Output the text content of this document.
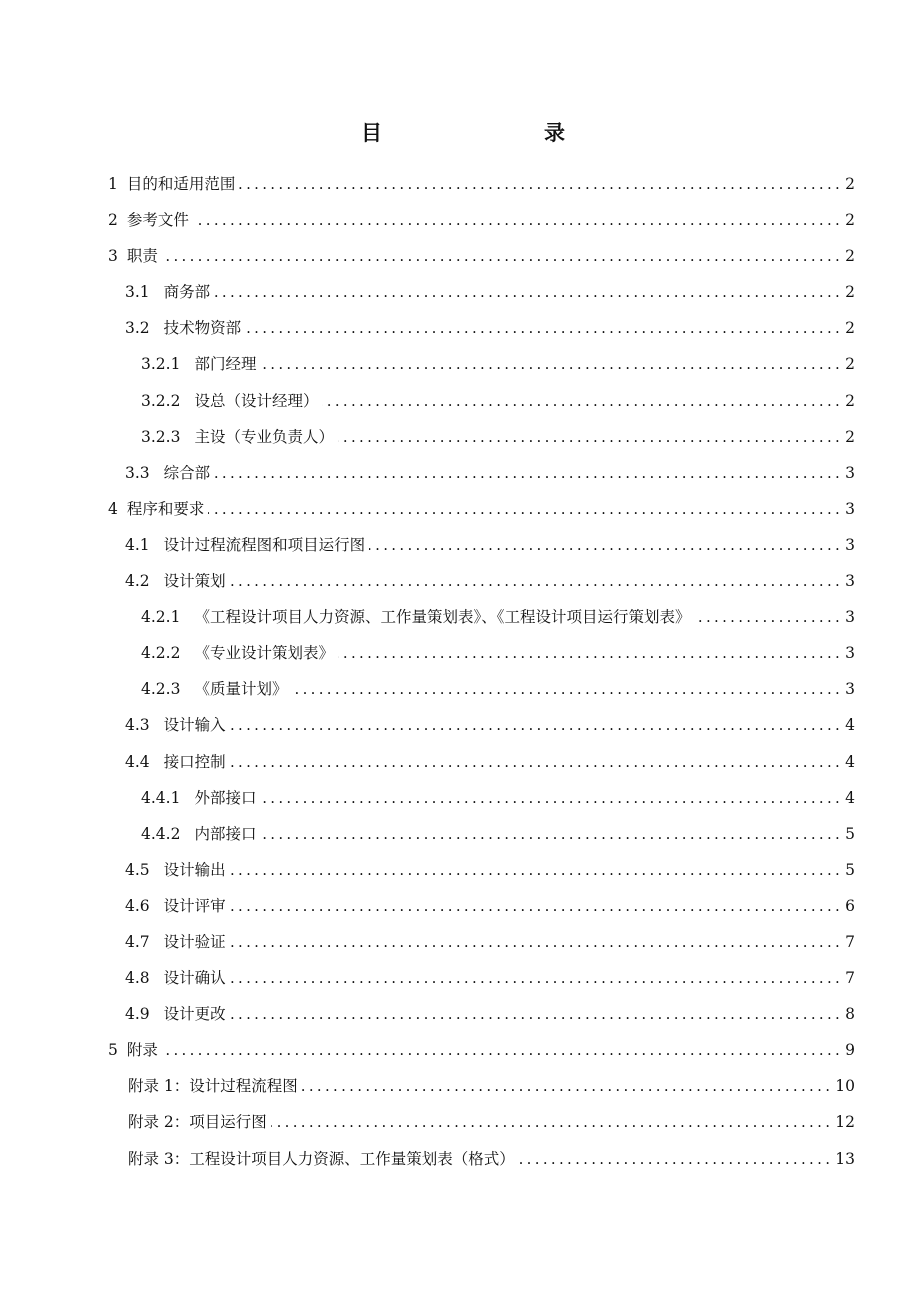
目　　录
1 目的和适用范围 .....	2
2 参考文件 .....	2
3 职责 .....	2
3.1 商务部 .....	2
3.2 技术物资部 .....	2
3.2.1 部门经理 .....	2
3.2.2 设总（设计经理） .....	2
3.2.3 主设（专业负责人） .....	2
3.3 综合部 .....	3
4 程序和要求 .....	3
4.1 设计过程流程图和项目运行图 .....	3
4.2 设计策划 .....	3
4.2.1 《工程设计项目人力资源、工作量策划表》、《工程设计项目运行策划表》 .....	3
4.2.2 《专业设计策划表》 .....	3
4.2.3 《质量计划》 .....	3
4.3 设计输入 .....	4
4.4 接口控制 .....	4
4.4.1 外部接口 .....	4
4.4.2 内部接口 .....	5
4.5 设计输出 .....	5
4.6 设计评审 .....	6
4.7 设计验证 .....	7
4.8 设计确认 .....	7
4.9 设计更改 .....	8
5 附录 .....	9
附录 1：设计过程流程图 .....	10
附录 2：项目运行图 .....	12
附录 3：工程设计项目人力资源、工作量策划表（格式） .....	13
